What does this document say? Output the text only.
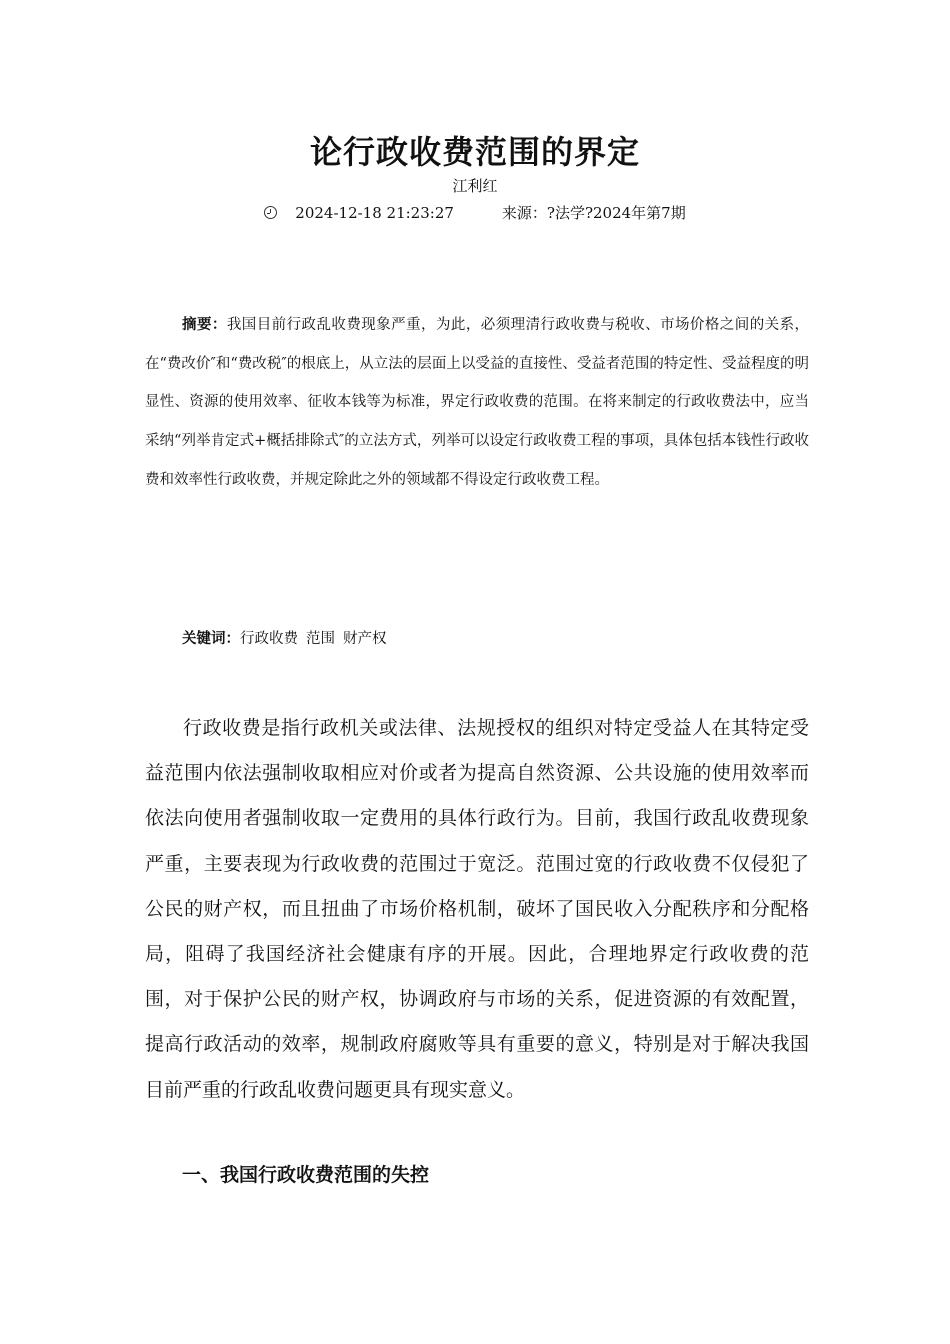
论行政收费范围的界定
江利红
2024-12-18 21:23:27	来源：?法学?2024年第7期

摘要：我国目前行政乱收费现象严重，为此，必须理清行政收费与税收、市场价格之间的关系，在“费改价″和“费改税″的根底上，从立法的层面上以受益的直接性、受益者范围的特定性、受益程度的明显性、资源的使用效率、征收本钱等为标准，界定行政收费的范围。在将来制定的行政收费法中，应当采纳“列举肯定式+概括排除式″的立法方式，列举可以设定行政收费工程的事项，具体包括本钱性行政收费和效率性行政收费，并规定除此之外的领域都不得设定行政收费工程。

关键词：行政收费 范围 财产权

行政收费是指行政机关或法律、法规授权的组织对特定受益人在其特定受益范围内依法强制收取相应对价或者为提高自然资源、公共设施的使用效率而依法向使用者强制收取一定费用的具体行政行为。目前，我国行政乱收费现象严重，主要表现为行政收费的范围过于宽泛。范围过宽的行政收费不仅侵犯了公民的财产权，而且扭曲了市场价格机制，破坏了国民收入分配秩序和分配格局，阻碍了我国经济社会健康有序的开展。因此，合理地界定行政收费的范围，对于保护公民的财产权，协调政府与市场的关系，促进资源的有效配置，提高行政活动的效率，规制政府腐败等具有重要的意义，特别是对于解决我国目前严重的行政乱收费问题更具有现实意义。

一、我国行政收费范围的失控
